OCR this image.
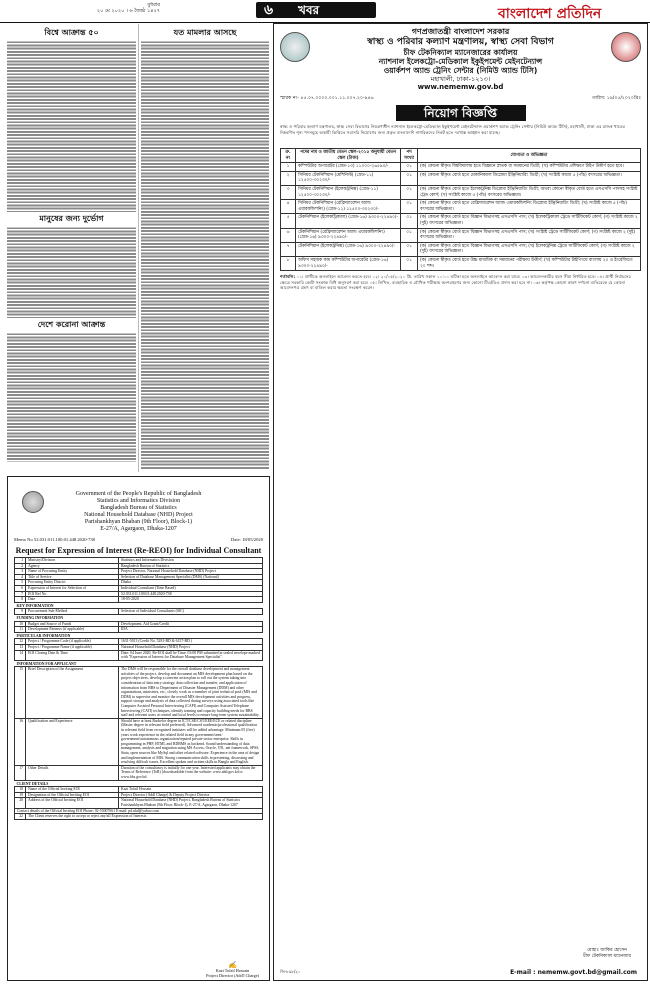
বুধবার
২০ মে ২০২০ । ৬ জ্যৈষ্ঠ ১৪২৭	৬ খবর	বাংলাদেশ প্রতিদিন
বিশ্বে আক্রান্ত ৫০
মানুষের জন্য দুর্ভোগ
দেশে করোনা আক্রান্ত
যত মামলার আসছে
Government of the People's Republic of Bangladesh
Statistics and Informatics Division
Bangladesh Bureau of Statistics
National Household Database (NHD) Project
Parishankhyan Bhaban (9th Floor), Block-1)
E-27/A, Agargaon, Dhaka-1207
Memo No 52.031.011.100.01.448.2020-738	Date: 18/05/2020
Request for Expression of Interest (Re-REOI) for Individual Consultant
1	Ministry/Division	Statistics and Informatics Division
2	Agency	Bangladesh Bureau of Statistics
3	Name of Procuring Entity	Project Director, National Household Database (NHD) Project
4	Title of Service	Selection of Database Management Specialist (DMS) (National)
5	Procuring Entity District	Dhaka
6	Expression of Interest for Selection of	Individual Consultant (Time Based)
7	EOI Ref No	52.031.011.100.01.448.2020-738
8	Date	18-05-2020
KEY INFORMATION		
9	Procurement Sub-Method	Selection of Individual Consultants (SIC)
FUNDING INFORMATION		
10	Budget and Source of Funds	Development, Aid Grant/Credit
11	Development Partners (if applicable)	IDA
PARTICULAR INFORMATION		
12	Project / Programme Code (if applicable)	1631-5013 (Credit No. 5281-BD & 6157-BD )
13	Project / Programme Name (if applicable)	National Household Database (NHD) Project
14	EOI Closing Date & Time	Date: 04 June 2020, Re-EOI shall be Time: 03:00 PM submitted in sealed envelope marked with "Expression of Interest for Database Management Specialist".
INFORMATION FOR APPLICANT		
15	Brief Description of the Assignment	The DMS will be responsible for the overall database development and management activities of the project, develop and document an MIS development plan based on the project objectives, develop a concrete action plan to roll out the system taking into consideration of data entry strategy, data collection and transfer, and application of information from BBS to Department of Disaster Management (DDM) and other organizations, ministries, etc., closely work as a member of joint technical pool (MIS and DDM) to supervise and monitor the overall MIS development activities and progress, support storage and analysis of data collected during surveys using associated tools like Computer Assisted Personal Interviewing (CAPI) and Computer Assisted Telephone Interviewing (CATI) techniques, identify training and capacity building needs for BBS staff and relevant users at central and local levels to ensure long-term system sustainability.
16	Qualification and Experience	Should have at least Bachelor degree in ICT/CSE/CST/EEE/ECE or related discipline (Master degree in relevant field preferred). Advanced academic/professional qualification in relevant field from recognized institutes will be added advantage. Minimum 05 (five) years work experience in the related field in any government/semi-government/autonomous organization/reputed private sector enterprise. Skills in programming in PHP, HTML and RDBMS as backend. Sound understanding of data management, analysis and migration using MS Access, Oracle, VB, .net framework, SPSS, Stata, open sources like MySql and other related software. Experience in the area of design and implementation of MIS. Strong communication skills in presenting, discussing and resolving difficult issues. Excellent spoken and written skills in Bangla and English.
17	Other Details	Duration of the consultancy is initially for one year. Interested applicants may obtain the Terms of Reference (ToR) (downloadable from the website: www.nhd.gov.bd or www.bbs.gov.bd.
CLIENT DETAILS		
18	Name of the Official Inviting EOI	Kazi Tofail Hossain
19	Designation of the Official Inviting EOI	Project Director (Addl Charge) & Deputy Project Director
20	Address of the Official Inviting EOI	National Household Database (NHD) Project, Bangladesh Bureau of Statistics Parishankhyan Bhaban (9th Floor, Block-1), E-27/A, Agargaon, Dhaka-1207
Contact details of the Official Inviting EOI Phone: 02-55007061 E-mail: pd.nhd@yahoo.com		
22	The Client reserves the right to accept or reject any/all Expression of Interests	
✍
Kazi Tofail Hossain
Project Director (Add'l Charge)
গণপ্রজাতন্ত্রী বাংলাদেশ সরকার
স্বাস্থ্য ও পরিবার কল্যাণ মন্ত্রণালয়, স্বাস্থ্য সেবা বিভাগ
চীফ টেকনিক্যাল ম্যানেজারের কার্যালয়
ন্যাশনাল ইলেকট্রো-মেডিক্যাল ইকুইপমেন্ট মেইনটেন্যান্স
ওয়ার্কশপ অ্যান্ড ট্রেনিং সেন্টার (নিমিউ অ্যান্ড টিসি)
মহাখালী, ঢাকা-১২১৩।
www.nememw.gov.bd
স্মারক নং- ৪৫.০৭.০০০০.০০১.১১.০০৭.২০-৯৪৬	তারিখ: ১৯/০৫/২০২০খ্রিঃ
নিয়োগ বিজ্ঞপ্তি
স্বাস্থ্য ও পরিবার কল্যাণ মন্ত্রণালয়, স্বাস্থ্য সেবা বিভাগের নিয়ন্ত্রণাধীন ন্যাশনাল ইলেকট্রো-মেডিক্যাল ইকুইপমেন্ট মেইনটেন্যান্স ওয়ার্কশপ অ্যান্ড ট্রেনিং সেন্টার (নিমিউ অ্যান্ড টিসি), মহাখালী, ঢাকা এর রাজস্ব খাতের নিম্নবর্ণিত শূন্য পদসমূহে অস্থায়ী ভিত্তিতে সরাসরি নিয়োগের জন্য প্রকৃত বাংলাদেশি নাগরিকদের নিকট হতে দরখাস্ত আহ্বান করা যাচ্ছে।
ক্র. নং	পদের নাম ও জাতীয় বেতন স্কেল-২০১৫ অনুযায়ী বেতন স্কেল (টাকা)	পদ সংখ্যা	যোগ্যতা ও অভিজ্ঞতা
১	কম্পিউটার অপারেটর (গ্রেড-১৩) ১১০০০-২৬৫৯০/-	০১	(ক) কোনো স্বীকৃত বিশ্ববিদ্যালয় হতে বিজ্ঞানে স্নাতক বা সমমানের ডিগ্রী; (খ) কম্পিউটার প্রশিক্ষণে টাইপ উত্তীর্ণ হতে হবে।
২	সিনিয়র টেকনিশিয়ান (মেশিনিস্ট) (গ্রেড-১১) ১২৫০০-৩০২৩০/-	০১	(ক) কোনো স্বীকৃত বোর্ড হতে মেকানিক্যাল ডিপ্লোমা ইঞ্জিনিয়ারিং ডিগ্রী; (খ) সংশ্লিষ্ট কাজে ৫ (পাঁচ) বৎসরের অভিজ্ঞতা।
৩	সিনিয়র টেকনিশিয়ান (ইলেকট্রনিক্স) (গ্রেড-১১) ১২৫০০-৩০২৩০/-	০১	(ক) কোনো স্বীকৃত বোর্ড হতে ইলেকট্রনিক্স ডিপ্লোমা ইঞ্জিনিয়ারিং ডিগ্রী; অথবা কোনো স্বীকৃত বোর্ড হতে এসএসসি পাসসহ সংশ্লিষ্ট ট্রেড কোর্স; (খ) সংশ্লিষ্ট কাজে ৫ (পাঁচ) বৎসরের অভিজ্ঞতা।
৪	সিনিয়র টেকনিশিয়ান (রেফ্রিজারেশন অ্যান্ড এয়ারকন্ডিশনিং) (গ্রেড-১১) ১২৫০০-৩০২৩০/-	০১	(ক) কোনো স্বীকৃত বোর্ড হতে রেফ্রিজারেশন অ্যান্ড এয়ারকন্ডিশনিং ডিপ্লোমা ইঞ্জিনিয়ারিং ডিগ্রী; (খ) সংশ্লিষ্ট কাজে ৫ (পাঁচ) বৎসরের অভিজ্ঞতা।
৫	টেকনিশিয়ান (ইলেকট্রিক্যাল) (গ্রেড-১৬) ৯৩০০-২২৪৯০/-	০১	(ক) কোনো স্বীকৃত বোর্ড হতে বিজ্ঞান বিভাগসহ এসএসসি পাস; (খ) ইলেকট্রিক্যাল ট্রেডে সার্টিফিকেট কোর্স; (গ) সংশ্লিষ্ট কাজে ২ (দুই) বৎসরের অভিজ্ঞতা।
৬	টেকনিশিয়ান (রেফ্রিজারেশন অ্যান্ড এয়ারকন্ডিশনিং) (গ্রেড-১৬) ৯৩০০-২২৪৯০/-	০১	(ক) কোনো স্বীকৃত বোর্ড হতে বিজ্ঞান বিভাগসহ এসএসসি পাস; (খ) সংশ্লিষ্ট ট্রেডে সার্টিফিকেট কোর্স; (গ) সংশ্লিষ্ট কাজে ২ (দুই) বৎসরের অভিজ্ঞতা।
৭	টেকনিশিয়ান (ইলেকট্রনিক্স) (গ্রেড-১৬) ৯৩০০-২২৪৯০/-	০১	(ক) কোনো স্বীকৃত বোর্ড হতে বিজ্ঞান বিভাগসহ এসএসসি পাস; (খ) ইলেকট্রনিক্স ট্রেডে সার্টিফিকেট কোর্স; (গ) সংশ্লিষ্ট কাজে ২ (দুই) বৎসরের অভিজ্ঞতা।
৮	অফিস সহায়ক কাম কম্পিউটার অপারেটর (গ্রেড-১৬) ৯৩০০-২২৪৯০/-	০১	(ক) কোনো স্বীকৃত বোর্ড হতে উচ্চ মাধ্যমিক বা সমমানের পরীক্ষায় উত্তীর্ণ; (খ) কম্পিউটার টাইপিংয়ে বাংলায় ২০ ও ইংরেজিতে ২০ শব্দ।
শর্তাবলি: ০১। প্রার্থীকে অনলাইনে আবেদন করতে হবে। ০২। ২০/০৫/২০২০ খ্রি. তারিখ সকাল ১০:০০ ঘটিকা হতে অনলাইনে আবেদন করা যাবে। ০৩। আবেদনকারীর বয়স সীমা নির্ধারিত হবে। ০৪। প্রার্থী নির্বাচনের ক্ষেত্রে সরকারি কোটা সংক্রান্ত বিধি অনুসরণ করা হবে। ০৫। লিখিত, ব্যবহারিক ও মৌখিক পরীক্ষায় অংশগ্রহণের জন্য কোনো টিএ/ডিএ প্রদান করা হবে না। ০৬। কর্তৃপক্ষ কোনো কারণ দর্শানো ব্যতিরেকে যে কোনো আবেদনপত্র গ্রহণ বা বাতিল করার ক্ষমতা সংরক্ষণ করেন।
মোহাঃ জাকির হোসেন
চীফ টেকনিক্যাল ম্যানেজার
জি-৮৯৮/২০	E-mail : nememw.govt.bd@gmail.com
